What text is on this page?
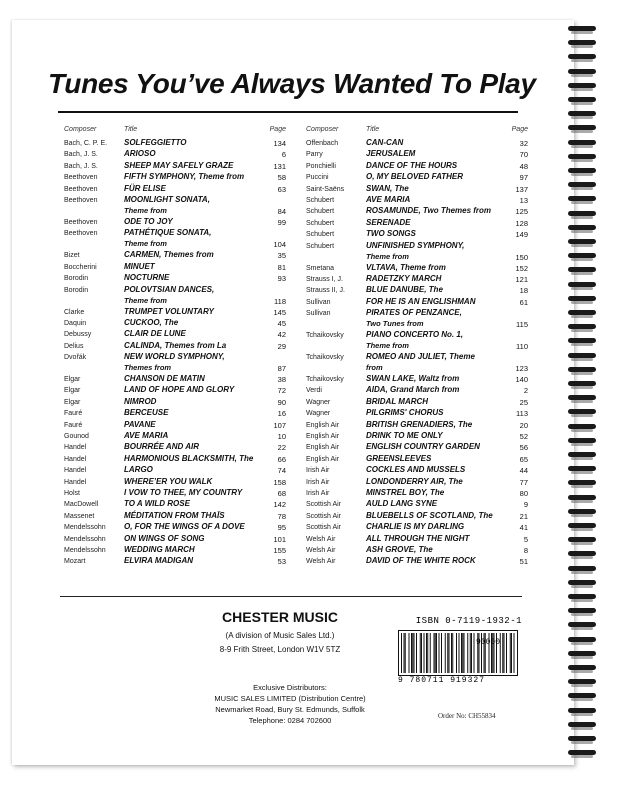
Tunes You’ve Always Wanted To Play
Composer	Title	Page
Bach, C. P. E. SOLFEGGIETTO	134
Bach, J. S.	ARIOSO	6
Bach, J. S.	SHEEP MAY SAFELY GRAZE	131
Beethoven	FIFTH SYMPHONY, Theme from	58
Beethoven	FÜR ELISE	63
Beethoven	MOONLIGHT SONATA,
Theme from	84
Beethoven	ODE TO JOY	99
Beethoven	PATHÉTIQUE SONATA,
Theme from	104
Bizet	CARMEN, Themes from	35
Boccherini	MINUET	81
Borodin	NOCTURNE	93
Borodin	POLOVTSIAN DANCES,
Theme from	118
Clarke	TRUMPET VOLUNTARY	145
Daquin	CUCKOO, The	45
Debussy	CLAIR DE LUNE	42
Delius	CALINDA, Themes from La	29
Dvořák	NEW WORLD SYMPHONY,
Themes from	87
Elgar	CHANSON DE MATIN	38
Elgar	LAND OF HOPE AND GLORY	72
Elgar	NIMROD	90
Fauré	BERCEUSE	16
Fauré	PAVANE	107
Gounod	AVE MARIA	10
Handel	BOURRÉE AND AIR	22
Handel	HARMONIOUS BLACKSMITH, The	66
Handel	LARGO	74
Handel	WHERE’ER YOU WALK	158
Holst	I VOW TO THEE, MY COUNTRY	68
MacDowell	TO A WILD ROSE	142
Massenet	MÉDITATION FROM THAÏS	78
Mendelssohn O, FOR THE WINGS OF A DOVE	95
Mendelssohn ON WINGS OF SONG	101
Mendelssohn WEDDING MARCH	155
Mozart	ELVIRA MADIGAN	53
Composer	Title	Page
Offenbach	CAN-CAN	32
Parry	JERUSALEM	70
Ponchielli	DANCE OF THE HOURS	48
Puccini	O, MY BELOVED FATHER	97
Saint-Saëns	SWAN, The	137
Schubert	AVE MARIA	13
Schubert	ROSAMUNDE, Two Themes from	125
Schubert	SERENADE	128
Schubert	TWO SONGS	149
Schubert	UNFINISHED SYMPHONY,
Theme from	150
Smetana	VLTAVA, Theme from	152
Strauss I, J.	RADETZKY MARCH	121
Strauss II, J.	BLUE DANUBE, The	18
Sullivan	FOR HE IS AN ENGLISHMAN	61
Sullivan	PIRATES OF PENZANCE,
Two Tunes from	115
Tchaikovsky	PIANO CONCERTO No. 1,
Theme from	110
Tchaikovsky	ROMEO AND JULIET, Theme
from	123
Tchaikovsky	SWAN LAKE, Waltz from	140
Verdi	AIDA, Grand March from	2
Wagner	BRIDAL MARCH	25
Wagner	PILGRIMS' CHORUS	113
English Air	BRITISH GRENADIERS, The	20
English Air	DRINK TO ME ONLY	52
English Air	ENGLISH COUNTRY GARDEN	56
English Air	GREENSLEEVES	65
Irish Air	COCKLES AND MUSSELS	44
Irish Air	LONDONDERRY AIR, The	77
Irish Air	MINSTREL BOY, The	80
Scottish Air	AULD LANG SYNE	9
Scottish Air	BLUEBELLS OF SCOTLAND, The	21
Scottish Air	CHARLIE IS MY DARLING	41
Welsh Air	ALL THROUGH THE NIGHT	5
Welsh Air	ASH GROVE, The	8
Welsh Air	DAVID OF THE WHITE ROCK	51
CHESTER MUSIC
(A division of Music Sales Ltd.)
8-9 Frith Street, London W1V 5TZ
Exclusive Distributors:
MUSIC SALES LIMITED (Distribution Centre)
Newmarket Road, Bury St. Edmunds, Suffolk
Telephone: 0284 702600
ISBN 0-7119-1932-1
9 780711 919327
90000
Order No: CH55834
